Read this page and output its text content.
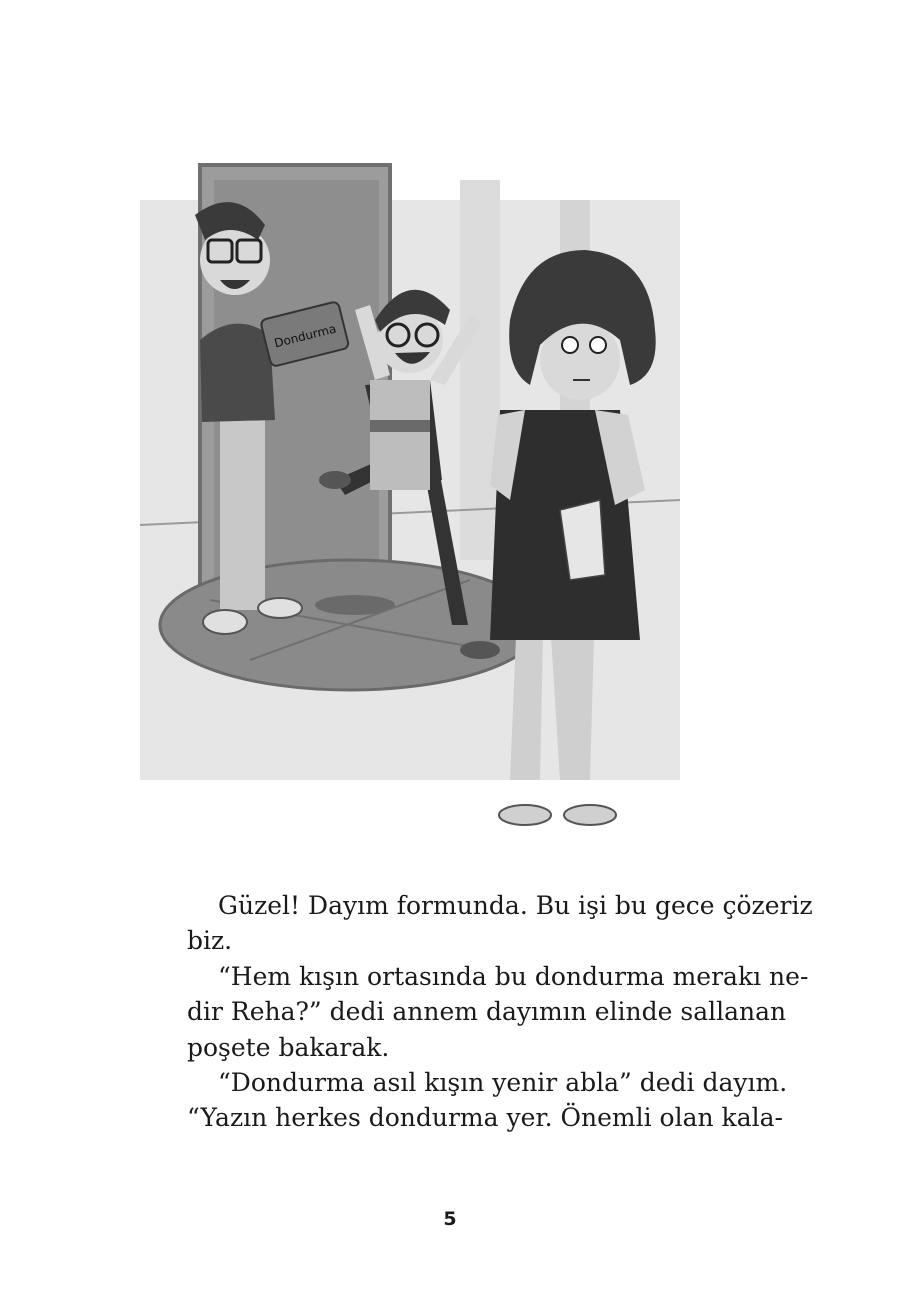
Dondurma

Güzel! Dayım formunda. Bu işi bu gece çözeriz
biz.

“Hem kışın ortasında bu dondurma merakı ne-
dir Reha?” dedi annem dayımın elinde sallanan
poşete bakarak.

“Dondurma asıl kışın yenir abla” dedi dayım.
“Yazın herkes dondurma yer. Önemli olan kala-

5
